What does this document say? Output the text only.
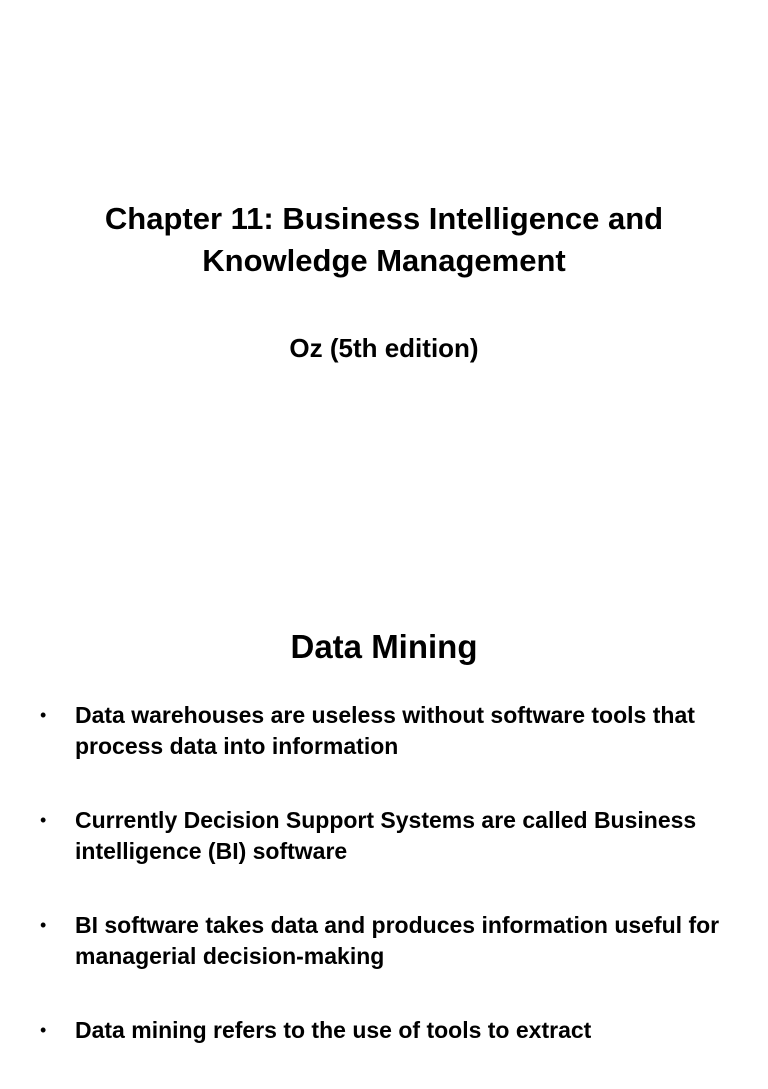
Chapter 11: Business Intelligence and Knowledge Management
Oz (5th edition)
Data Mining
• Data warehouses are useless without software tools that process data into information
• Currently Decision Support Systems are called Business intelligence (BI) software
• BI software takes data and produces information useful for managerial decision-making
• Data mining refers to the use of tools to extract
